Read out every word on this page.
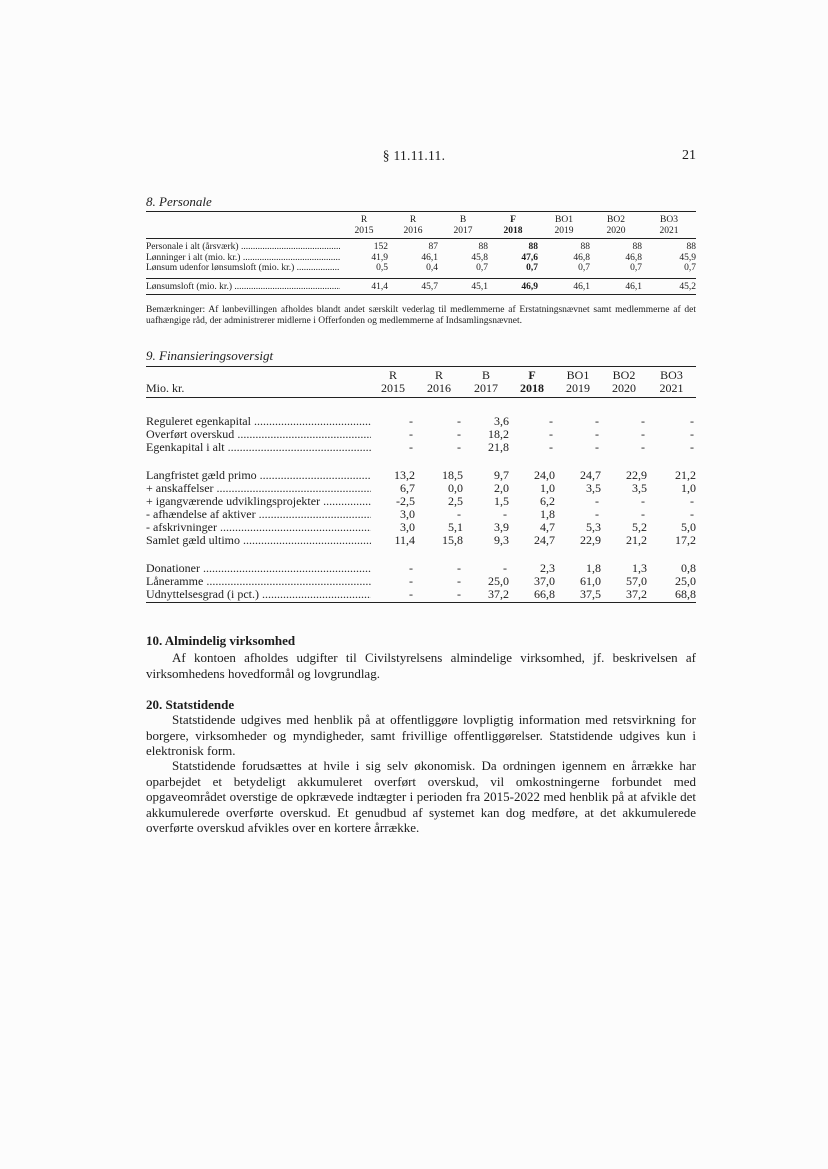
§ 11.11.11.	21
8. Personale
	R	R	B	F	BO1	BO2	BO3
	2015	2016	2017	2018	2019	2020	2021
Personale i alt (årsværk) .....	152	87	88	88	88	88	88
Lønninger i alt (mio. kr.) .....	41,9	46,1	45,8	47,6	46,8	46,8	45,9
Lønsum udenfor lønsumsloft (mio. kr.) .....	0,5	0,4	0,7	0,7	0,7	0,7	0,7
Lønsumsloft (mio. kr.) .....	41,4	45,7	45,1	46,9	46,1	46,1	45,2
Bemærkninger: Af lønbevillingen afholdes blandt andet særskilt vederlag til medlemmerne af Erstatningsnævnet samt medlemmerne af det uafhængige råd, der administrerer midlerne i Offerfonden og medlemmerne af Indsamlingsnævnet.
9. Finansieringsoversigt
	R	R	B	F	BO1	BO2	BO3
Mio. kr.	2015	2016	2017	2018	2019	2020	2021
Reguleret egenkapital .....	-	-	3,6	-	-	-	-
Overført overskud .....	-	-	18,2	-	-	-	-
Egenkapital i alt .....	-	-	21,8	-	-	-	-
Langfristet gæld primo .....	13,2	18,5	9,7	24,0	24,7	22,9	21,2
+ anskaffelser .....	6,7	0,0	2,0	1,0	3,5	3,5	1,0
+ igangværende udviklingsprojekter .....	-2,5	2,5	1,5	6,2	-	-	-
- afhændelse af aktiver .....	3,0	-	-	1,8	-	-	-
- afskrivninger .....	3,0	5,1	3,9	4,7	5,3	5,2	5,0
Samlet gæld ultimo .....	11,4	15,8	9,3	24,7	22,9	21,2	17,2
Donationer .....	-	-	-	2,3	1,8	1,3	0,8
Låneramme .....	-	-	25,0	37,0	61,0	57,0	25,0
Udnyttelsesgrad (i pct.) .....	-	-	37,2	66,8	37,5	37,2	68,8
10. Almindelig virksomhed

Af kontoen afholdes udgifter til Civilstyrelsens almindelige virksomhed, jf. beskrivelsen af virksomhedens hovedformål og lovgrundlag.

20. Statstidende

Statstidende udgives med henblik på at offentliggøre lovpligtig information med retsvirkning for borgere, virksomheder og myndigheder, samt frivillige offentliggørelser. Statstidende udgives kun i elektronisk form.

Statstidende forudsættes at hvile i sig selv økonomisk. Da ordningen igennem en årrække har oparbejdet et betydeligt akkumuleret overført overskud, vil omkostningerne forbundet med opgaveområdet overstige de opkrævede indtægter i perioden fra 2015-2022 med henblik på at afvikle det akkumulerede overførte overskud. Et genudbud af systemet kan dog medføre, at det akkumulerede overførte overskud afvikles over en kortere årrække.
